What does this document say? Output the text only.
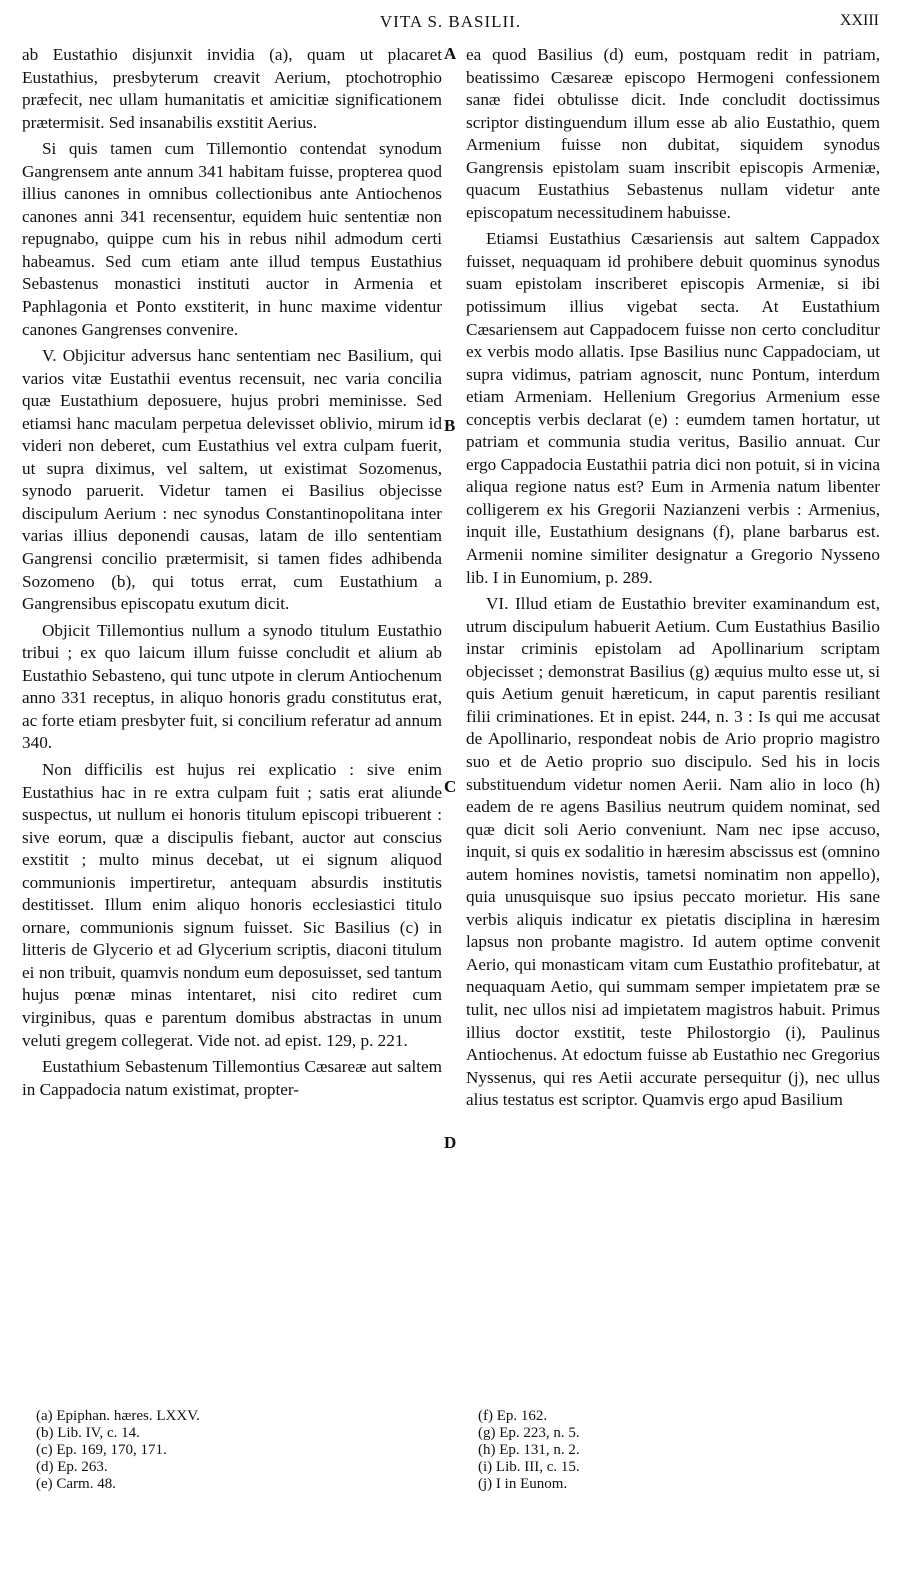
VITA S. BASILII.	XXIII

ab Eustathio disjunxit invidia (a), quam ut placaret Eustathius, presbyterum creavit Aerium, ptochotrophio præfecit, nec ullam humanitatis et amicitiæ significationem prætermisit. Sed insanabilis exstitit Aerius.

Si quis tamen cum Tillemontio contendat synodum Gangrensem ante annum 341 habitam fuisse, propterea quod illius canones in omnibus collectionibus ante Antiochenos canones anni 341 recensentur, equidem huic sententiæ non repugnabo, quippe cum his in rebus nihil admodum certi habeamus. Sed cum etiam ante illud tempus Eustathius Sebastenus monastici instituti auctor in Armenia et Paphlagonia et Ponto exstiterit, in hunc maxime videntur canones Gangrenses convenire.

V. Objicitur adversus hanc sententiam nec Basilium, qui varios vitæ Eustathii eventus recensuit, nec varia concilia quæ Eustathium deposuere, hujus probri meminisse. Sed etiamsi hanc maculam perpetua delevisset oblivio, mirum id videri non deberet, cum Eustathius vel extra culpam fuerit, ut supra diximus, vel saltem, ut existimat Sozomenus, synodo paruerit. Videtur tamen ei Basilius objecisse discipulum Aerium : nec synodus Constantinopolitana inter varias illius deponendi causas, latam de illo sententiam Gangrensi concilio prætermisit, si tamen fides adhibenda Sozomeno (b), qui totus errat, cum Eustathium a Gangrensibus episcopatu exutum dicit.

Objicit Tillemontius nullum a synodo titulum Eustathio tribui ; ex quo laicum illum fuisse concludit et alium ab Eustathio Sebasteno, qui tunc utpote in clerum Antiochenum anno 331 receptus, in aliquo honoris gradu constitutus erat, ac forte etiam presbyter fuit, si concilium referatur ad annum 340.

Non difficilis est hujus rei explicatio : sive enim Eustathius hac in re extra culpam fuit ; satis erat aliunde suspectus, ut nullum ei honoris titulum episcopi tribuerent : sive eorum, quæ a discipulis fiebant, auctor aut conscius exstitit ; multo minus decebat, ut ei signum aliquod communionis impertiretur, antequam absurdis institutis destitisset. Illum enim aliquo honoris ecclesiastici titulo ornare, communionis signum fuisset. Sic Basilius (c) in litteris de Glycerio et ad Glycerium scriptis, diaconi titulum ei non tribuit, quamvis nondum eum deposuisset, sed tantum hujus pœnæ minas intentaret, nisi cito rediret cum virginibus, quas e parentum domibus abstractas in unum veluti gregem collegerat. Vide not. ad epist. 129, p. 221.

Eustathium Sebastenum Tillemontius Cæsareæ aut saltem in Cappadocia natum existimat, propter-

A
B
C
D

ea quod Basilius (d) eum, postquam redit in patriam, beatissimo Cæsareæ episcopo Hermogeni confessionem sanæ fidei obtulisse dicit. Inde concludit doctissimus scriptor distinguendum illum esse ab alio Eustathio, quem Armenium fuisse non dubitat, siquidem synodus Gangrensis epistolam suam inscribit episcopis Armeniæ, quacum Eustathius Sebastenus nullam videtur ante episcopatum necessitudinem habuisse.

Etiamsi Eustathius Cæsariensis aut saltem Cappadox fuisset, nequaquam id prohibere debuit quominus synodus suam epistolam inscriberet episcopis Armeniæ, si ibi potissimum illius vigebat secta. At Eustathium Cæsariensem aut Cappadocem fuisse non certo concluditur ex verbis modo allatis. Ipse Basilius nunc Cappadociam, ut supra vidimus, patriam agnoscit, nunc Pontum, interdum etiam Armeniam. Hellenium Gregorius Armenium esse conceptis verbis declarat (e) : eumdem tamen hortatur, ut patriam et communia studia veritus, Basilio annuat. Cur ergo Cappadocia Eustathii patria dici non potuit, si in vicina aliqua regione natus est? Eum in Armenia natum libenter colligerem ex his Gregorii Nazianzeni verbis : Armenius, inquit ille, Eustathium designans (f), plane barbarus est. Armenii nomine similiter designatur a Gregorio Nysseno lib. I in Eunomium, p. 289.

VI. Illud etiam de Eustathio breviter examinandum est, utrum discipulum habuerit Aetium. Cum Eustathius Basilio instar criminis epistolam ad Apollinarium scriptam objecisset ; demonstrat Basilius (g) æquius multo esse ut, si quis Aetium genuit hæreticum, in caput parentis resiliant filii criminationes. Et in epist. 244, n. 3 : Is qui me accusat de Apollinario, respondeat nobis de Ario proprio magistro suo et de Aetio proprio suo discipulo. Sed his in locis substituendum videtur nomen Aerii. Nam alio in loco (h) eadem de re agens Basilius neutrum quidem nominat, sed quæ dicit soli Aerio conveniunt. Nam nec ipse accuso, inquit, si quis ex sodalitio in hæresim abscissus est (omnino autem homines novistis, tametsi nominatim non appello), quia unusquisque suo ipsius peccato morietur. His sane verbis aliquis indicatur ex pietatis disciplina in hæresim lapsus non probante magistro. Id autem optime convenit Aerio, qui monasticam vitam cum Eustathio profitebatur, at nequaquam Aetio, qui summam semper impietatem præ se tulit, nec ullos nisi ad impietatem magistros habuit. Primus illius doctor exstitit, teste Philostorgio (i), Paulinus Antiochenus. At edoctum fuisse ab Eustathio nec Gregorius Nyssenus, qui res Aetii accurate persequitur (j), nec ullus alius testatus est scriptor. Quamvis ergo apud Basilium

(a) Epiphan. hæres. LXXV.
(b) Lib. IV, c. 14.
(c) Ep. 169, 170, 171.
(d) Ep. 263.
(e) Carm. 48.
(f) Ep. 162.
(g) Ep. 223, n. 5.
(h) Ep. 131, n. 2.
(i) Lib. III, c. 15.
(j) I in Eunom.
